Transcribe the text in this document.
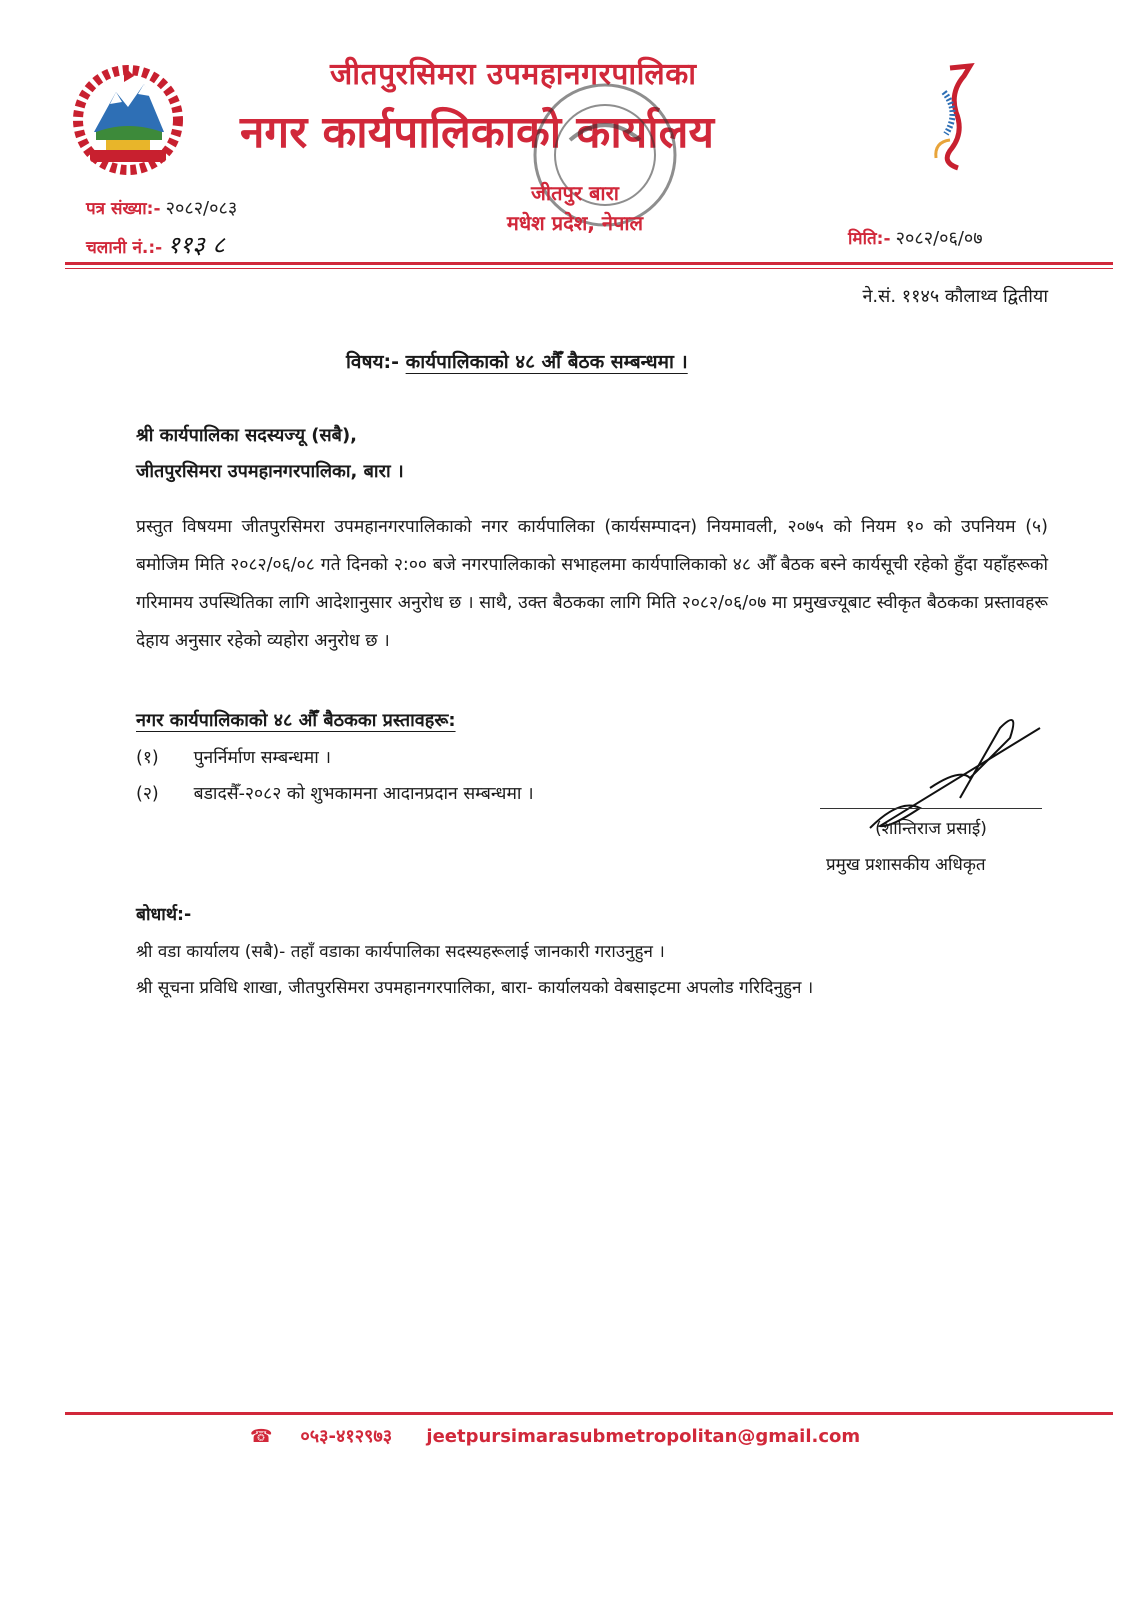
जीतपुरसिमरा उपमहानगरपालिका
नगर कार्यपालिकाको कार्यालय
जीतपुर बारा
मधेश प्रदेश, नेपाल
पत्र संख्या:- २०८२/०८३
चलानी नं.:- ११३ ८	मिति:- २०८२/०६/०७
ने.सं. ११४५ कौलाथ्व द्वितीया
विषय:- कार्यपालिकाको ४८ औँ बैठक सम्बन्धमा ।
श्री कार्यपालिका सदस्यज्यू (सबै),
जीतपुरसिमरा उपमहानगरपालिका, बारा ।
प्रस्तुत विषयमा जीतपुरसिमरा उपमहानगरपालिकाको नगर कार्यपालिका (कार्यसम्पादन) नियमावली, २०७५ को नियम १० को उपनियम (५) बमोजिम मिति २०८२/०६/०८ गते दिनको २:०० बजे नगरपालिकाको सभाहलमा कार्यपालिकाको ४८ औँ बैठक बस्ने कार्यसूची रहेको हुँदा यहाँहरूको गरिमामय उपस्थितिका लागि आदेशानुसार अनुरोध छ । साथै, उक्त बैठकका लागि मिति २०८२/०६/०७ मा प्रमुखज्यूबाट स्वीकृत बैठकका प्रस्तावहरू देहाय अनुसार रहेको व्यहोरा अनुरोध छ ।
नगर कार्यपालिकाको ४८ औँ बैठकका प्रस्तावहरू:
(१) पुनर्निर्माण सम्बन्धमा ।
(२) बडादसैँ-२०८२ को शुभकामना आदानप्रदान सम्बन्धमा ।
(शान्तिराज प्रसाई)
प्रमुख प्रशासकीय अधिकृत
बोधार्थ:-
श्री वडा कार्यालय (सबै)- तहाँ वडाका कार्यपालिका सदस्यहरूलाई जानकारी गराउनुहुन ।
श्री सूचना प्रविधि शाखा, जीतपुरसिमरा उपमहानगरपालिका, बारा- कार्यालयको वेबसाइटमा अपलोड गरिदिनुहुन ।
☎ ०५३-४१२९७३ jeetpursimarasubmetropolitan@gmail.com
